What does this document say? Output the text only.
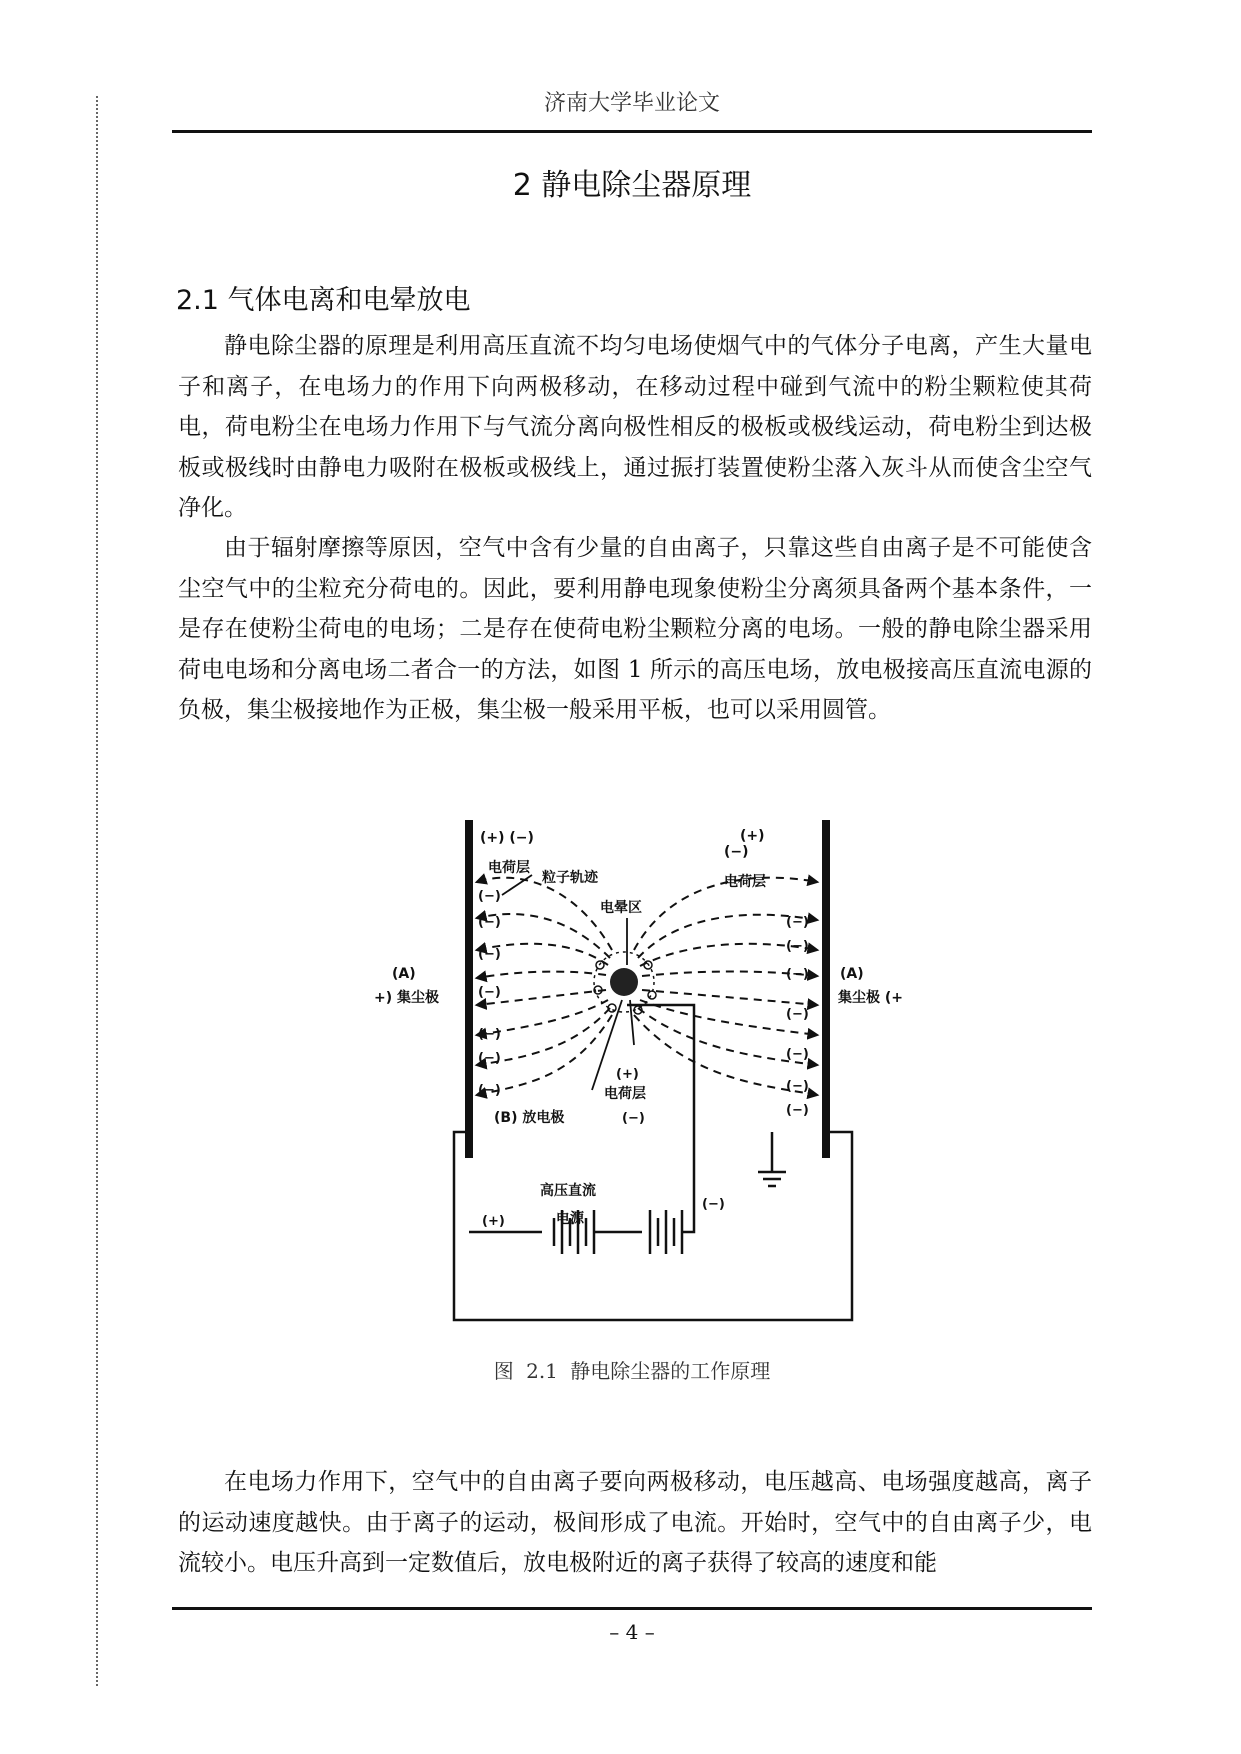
济南大学毕业论文
2 静电除尘器原理
2.1 气体电离和电晕放电

静电除尘器的原理是利用高压直流不均匀电场使烟气中的气体分子电离，产生大量电子和离子，在电场力的作用下向两极移动，在移动过程中碰到气流中的粉尘颗粒使其荷电，荷电粉尘在电场力作用下与气流分离向极性相反的极板或极线运动，荷电粉尘到达极板或极线时由静电力吸附在极板或极线上，通过振打装置使粉尘落入灰斗从而使含尘空气净化。

由于辐射摩擦等原因，空气中含有少量的自由离子，只靠这些自由离子是不可能使含尘空气中的尘粒充分荷电的。因此，要利用静电现象使粉尘分离须具备两个基本条件，一是存在使粉尘荷电的电场；二是存在使荷电粉尘颗粒分离的电场。一般的静电除尘器采用荷电电场和分离电场二者合一的方法，如图 1 所示的高压电场，放电极接高压直流电源的负极，集尘极接地作为正极，集尘极一般采用平板，也可以采用圆管。

(+) (−)
电荷层
(+)
(−)
电荷层
粒子轨迹
电晕区
(A)
+) 集尘极
(A)
集尘极 (+
(+)
电荷层
(B) 放电极	(−)
高压直流
电源
(+)
(−)
(−)
(−)
(−)
(−)
(−)
(−)
(−)
(−)
(−)
(−)
(−)
(−)
(−)
(−)
图 2.1 静电除尘器的工作原理

在电场力作用下，空气中的自由离子要向两极移动，电压越高、电场强度越高，离子的运动速度越快。由于离子的运动，极间形成了电流。开始时，空气中的自由离子少，电流较小。电压升高到一定数值后，放电极附近的离子获得了较高的速度和能

– 4 –
